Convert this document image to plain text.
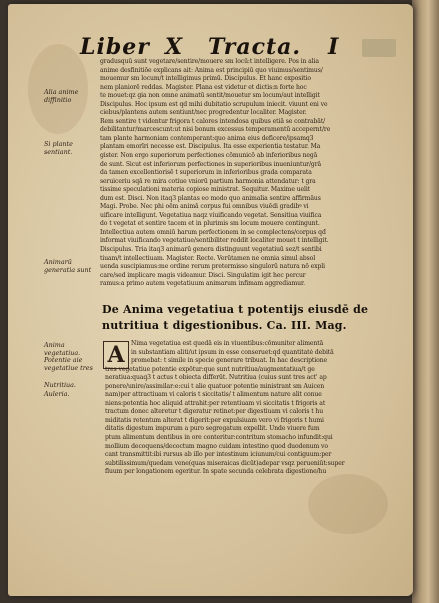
Liber X Tracta. I
Alia anime diffinitio
Si plante sentiant.
Animarū generatia sunt
Anima vegetatiua.
Potentie aie vegetatiue tres
Nutritiua.
Auleria.
gradusquū sunt vegetare/sentire/mouere sm locū:t intelligere. Pos in alia
anime desfinitiōe explicans ait: Anima est principiū quo viuimus/sentimus/
mouemur sm locum/t intelligimus primū. Discipulus. Et hanc expositio
nem planiorē reddas. Magister. Plana est videtur et dictis:n forte hoc
te mouet:qz gia non omne animatū sentit/mouetur sm locum/aut intelligit
Discipulus. Hoc ipsum est qd mihi dubitatio scrupulum iniecit. viuunt eni ve
ciebus/plantens autem sentiunt/nec progredentur localiter. Magister.
Rem sentire t videntur frigora t calores intendosa quibus etiā se contrabāt/
debilitantur/marcescunt:ut nisi bonum excessus temperamentū accepernt/re
tam plante harmoniam contemperant:quo anima eius deficere/ipsamq3
plantam emorīri necesse est. Discipulus. Ita esse experientia testatur. Ma
gister. Non ergo superiorum perfectiones cōmunicō ab inferioribus negā
de sunt. Sicut est inferiorum perfectiones in superioribus inueniuntur/grā
da tamen excellentiorisē t superiorum in inferioribus grada comparata
seruiceriu sqā re mira cotiue vniorū partium harmonia attendatur: t gra
tissime speculationi materia copiose ministrat. Sequitur. Maxime uelit
dum est. Disci. Non itaq3 plantas eo modo quo animalia sentire affirmāus
Magi. Probe. Nec phi oēm animā corpus fui omnibus viuēdi gradibꝰ vi
uificare intelligunt. Vegetatiua naqz viuificando vegetat. Sensitiua viuifica
do t vegetat et sentire tacem et in plurimis sm locum mouere contingunt.
Intellectiua autem omniū harum perfectionem in se complectens/corpus qđ
informat viuificando vegetatiue/sentibiliter reddit localiter mouet t intelligit.
Discipulus. Tria itaq3 animarū genera distinguunt vegetatiuū sez/t sentibi
tiuam/t intellectiuam. Magister. Recte. Verūtamen ne omnia simul absol
uenda suscipiamus:me ordine rerum pretermisso singulorū natura nō expli
care/sed implicare magis videamur. Disci. Singulatim igit hec percur
ramus:a primo autem vegetatiuum animarum infimam aggrediamur.
De Anima vegetatiua t potentijs eiusdē de nutritiua t digestionibus. Ca. III. Mag.
A	Nima vegetatiua est quedā eis in viuentibus:cōmuniter alimentā
in substantiam aliti/ut ipsum in esse conseruet:qd quantitaté debitā
promebat: t simile in specie generare tribuat. In hac descriptione
tres vegetatiue potentie expōtur:que sunt nutritiua/augmentatiua/t ge
neratiua:quaq3 t actus t obiecta differūt. Nutritiua (cuius sunt tres act' ap
ponere/unire/assimilar:e:cui t alie quatuor potentie ministrant sm Auicen
nam)per attractiuam vi caloris t siccitatis/ t alimentum nature alit conue
niens:potentia hoc aliquid attrahit:per retentiuam vi siccitatis t frigoris at
tractum donec alteretur t digeratur retinet:per digestiuam vi caloris t hu
miditatis retentum alterat t digerit:per expulsiuam vero vi frigoris t humi
ditatis digestum impurum a puro segregatum expellit. Unde viuere fum
ptum alimentum dentibus in ore conteritur:contritum stomacho infundit:qui
mollium decoquens/decoctum magno cuidam intestino quod duodenum vo
cant transmittit:ibi rursus ab illo per intestinum iciunum/cui contiguum:per
subtilissimum/quedam vene(quas miseraicas dicūt)adepar vsqz perueniūt:super
fluum per longationem egeritur. In spate secunda celebrata digestione/hu
